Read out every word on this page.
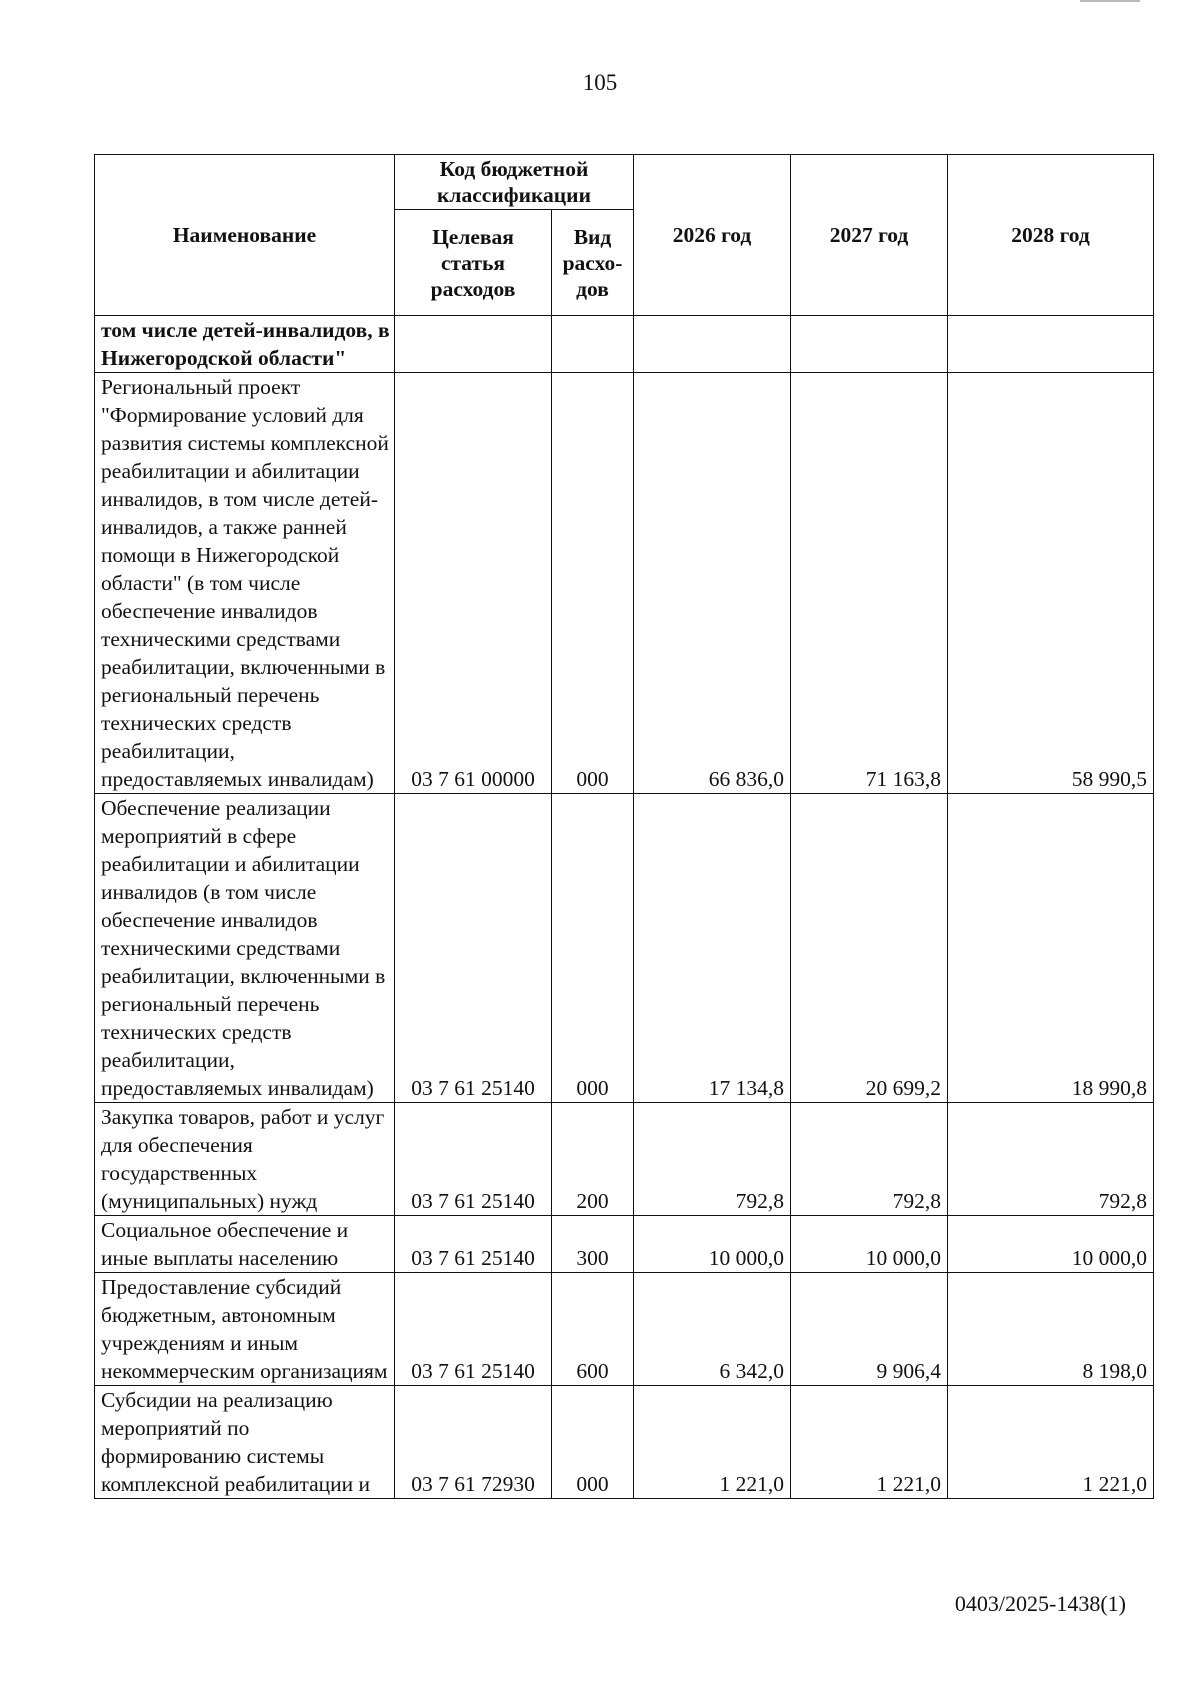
105
Наименование	Код бюджетной классификации		2026 год	2027 год	2028 год
	Целевая статья расходов	Вид расхо-дов			
том числе детей-инвалидов, в Нижегородской области"					
Региональный проект "Формирование условий для развития системы комплексной реабилитации и абилитации инвалидов, в том числе детей-инвалидов, а также ранней помощи в Нижегородской области" (в том числе обеспечение инвалидов техническими средствами реабилитации, включенными в региональный перечень технических средств реабилитации, предоставляемых инвалидам)	03 7 61 00000	000	66 836,0	71 163,8	58 990,5
Обеспечение реализации мероприятий в сфере реабилитации и абилитации инвалидов (в том числе обеспечение инвалидов техническими средствами реабилитации, включенными в региональный перечень технических средств реабилитации, предоставляемых инвалидам)	03 7 61 25140	000	17 134,8	20 699,2	18 990,8
Закупка товаров, работ и услуг для обеспечения государственных (муниципальных) нужд	03 7 61 25140	200	792,8	792,8	792,8
Социальное обеспечение и иные выплаты населению	03 7 61 25140	300	10 000,0	10 000,0	10 000,0
Предоставление субсидий бюджетным, автономным учреждениям и иным некоммерческим организациям	03 7 61 25140	600	6 342,0	9 906,4	8 198,0
Субсидии на реализацию мероприятий по формированию системы комплексной реабилитации и	03 7 61 72930	000	1 221,0	1 221,0	1 221,0
0403/2025-1438(1)
